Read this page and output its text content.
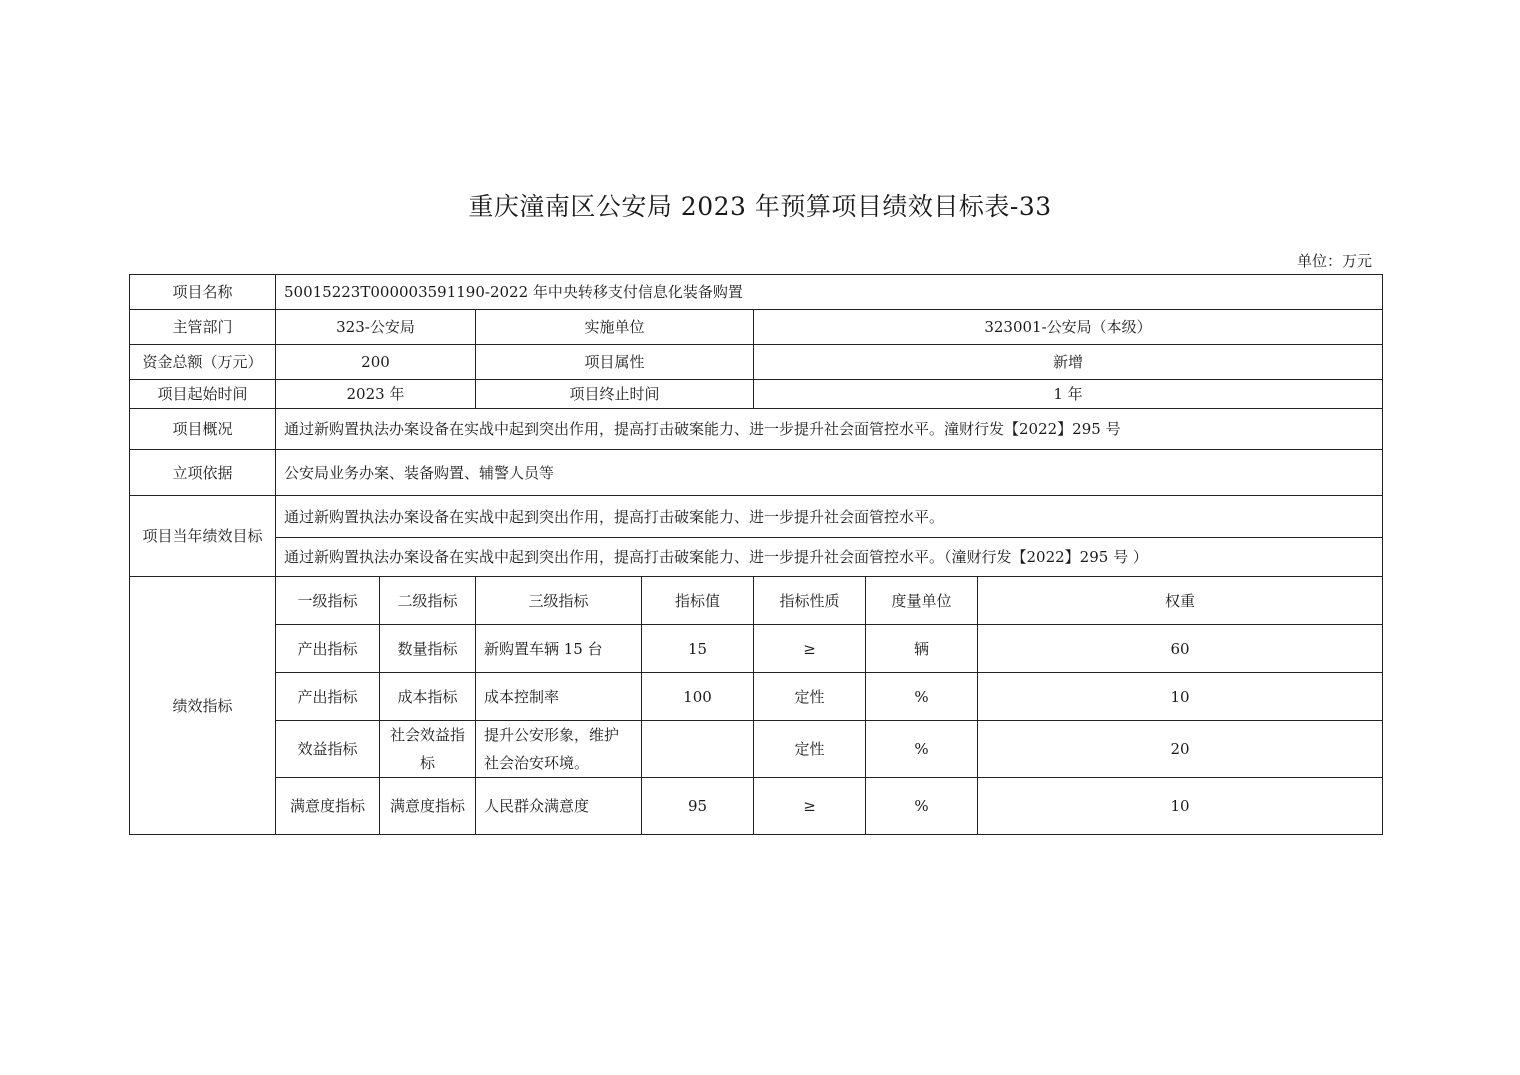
重庆潼南区公安局 2023 年预算项目绩效目标表-33
单位：万元
项目名称	50015223T000003591190-2022 年中央转移支付信息化装备购置						
主管部门	323-公安局		实施单位		323001-公安局（本级）		
资金总额（万元）	200		项目属性		新增		
项目起始时间	2023 年		项目终止时间		1 年		
项目概况	通过新购置执法办案设备在实战中起到突出作用，提高打击破案能力、进一步提升社会面管控水平。潼财行发【2022】295 号						
立项依据	公安局业务办案、装备购置、辅警人员等						
项目当年绩效目标	通过新购置执法办案设备在实战中起到突出作用，提高打击破案能力、进一步提升社会面管控水平。						
	通过新购置执法办案设备在实战中起到突出作用，提高打击破案能力、进一步提升社会面管控水平。（潼财行发【2022】295 号 ）						
绩效指标	一级指标	二级指标	三级指标	指标值	指标性质	度量单位	权重
	产出指标	数量指标	新购置车辆 15 台	15	≥	辆	60
	产出指标	成本指标	成本控制率	100	定性	%	10
	效益指标	社会效益指标	提升公安形象，维护社会治安环境。		定性	%	20
	满意度指标	满意度指标	人民群众满意度	95	≥	%	10
